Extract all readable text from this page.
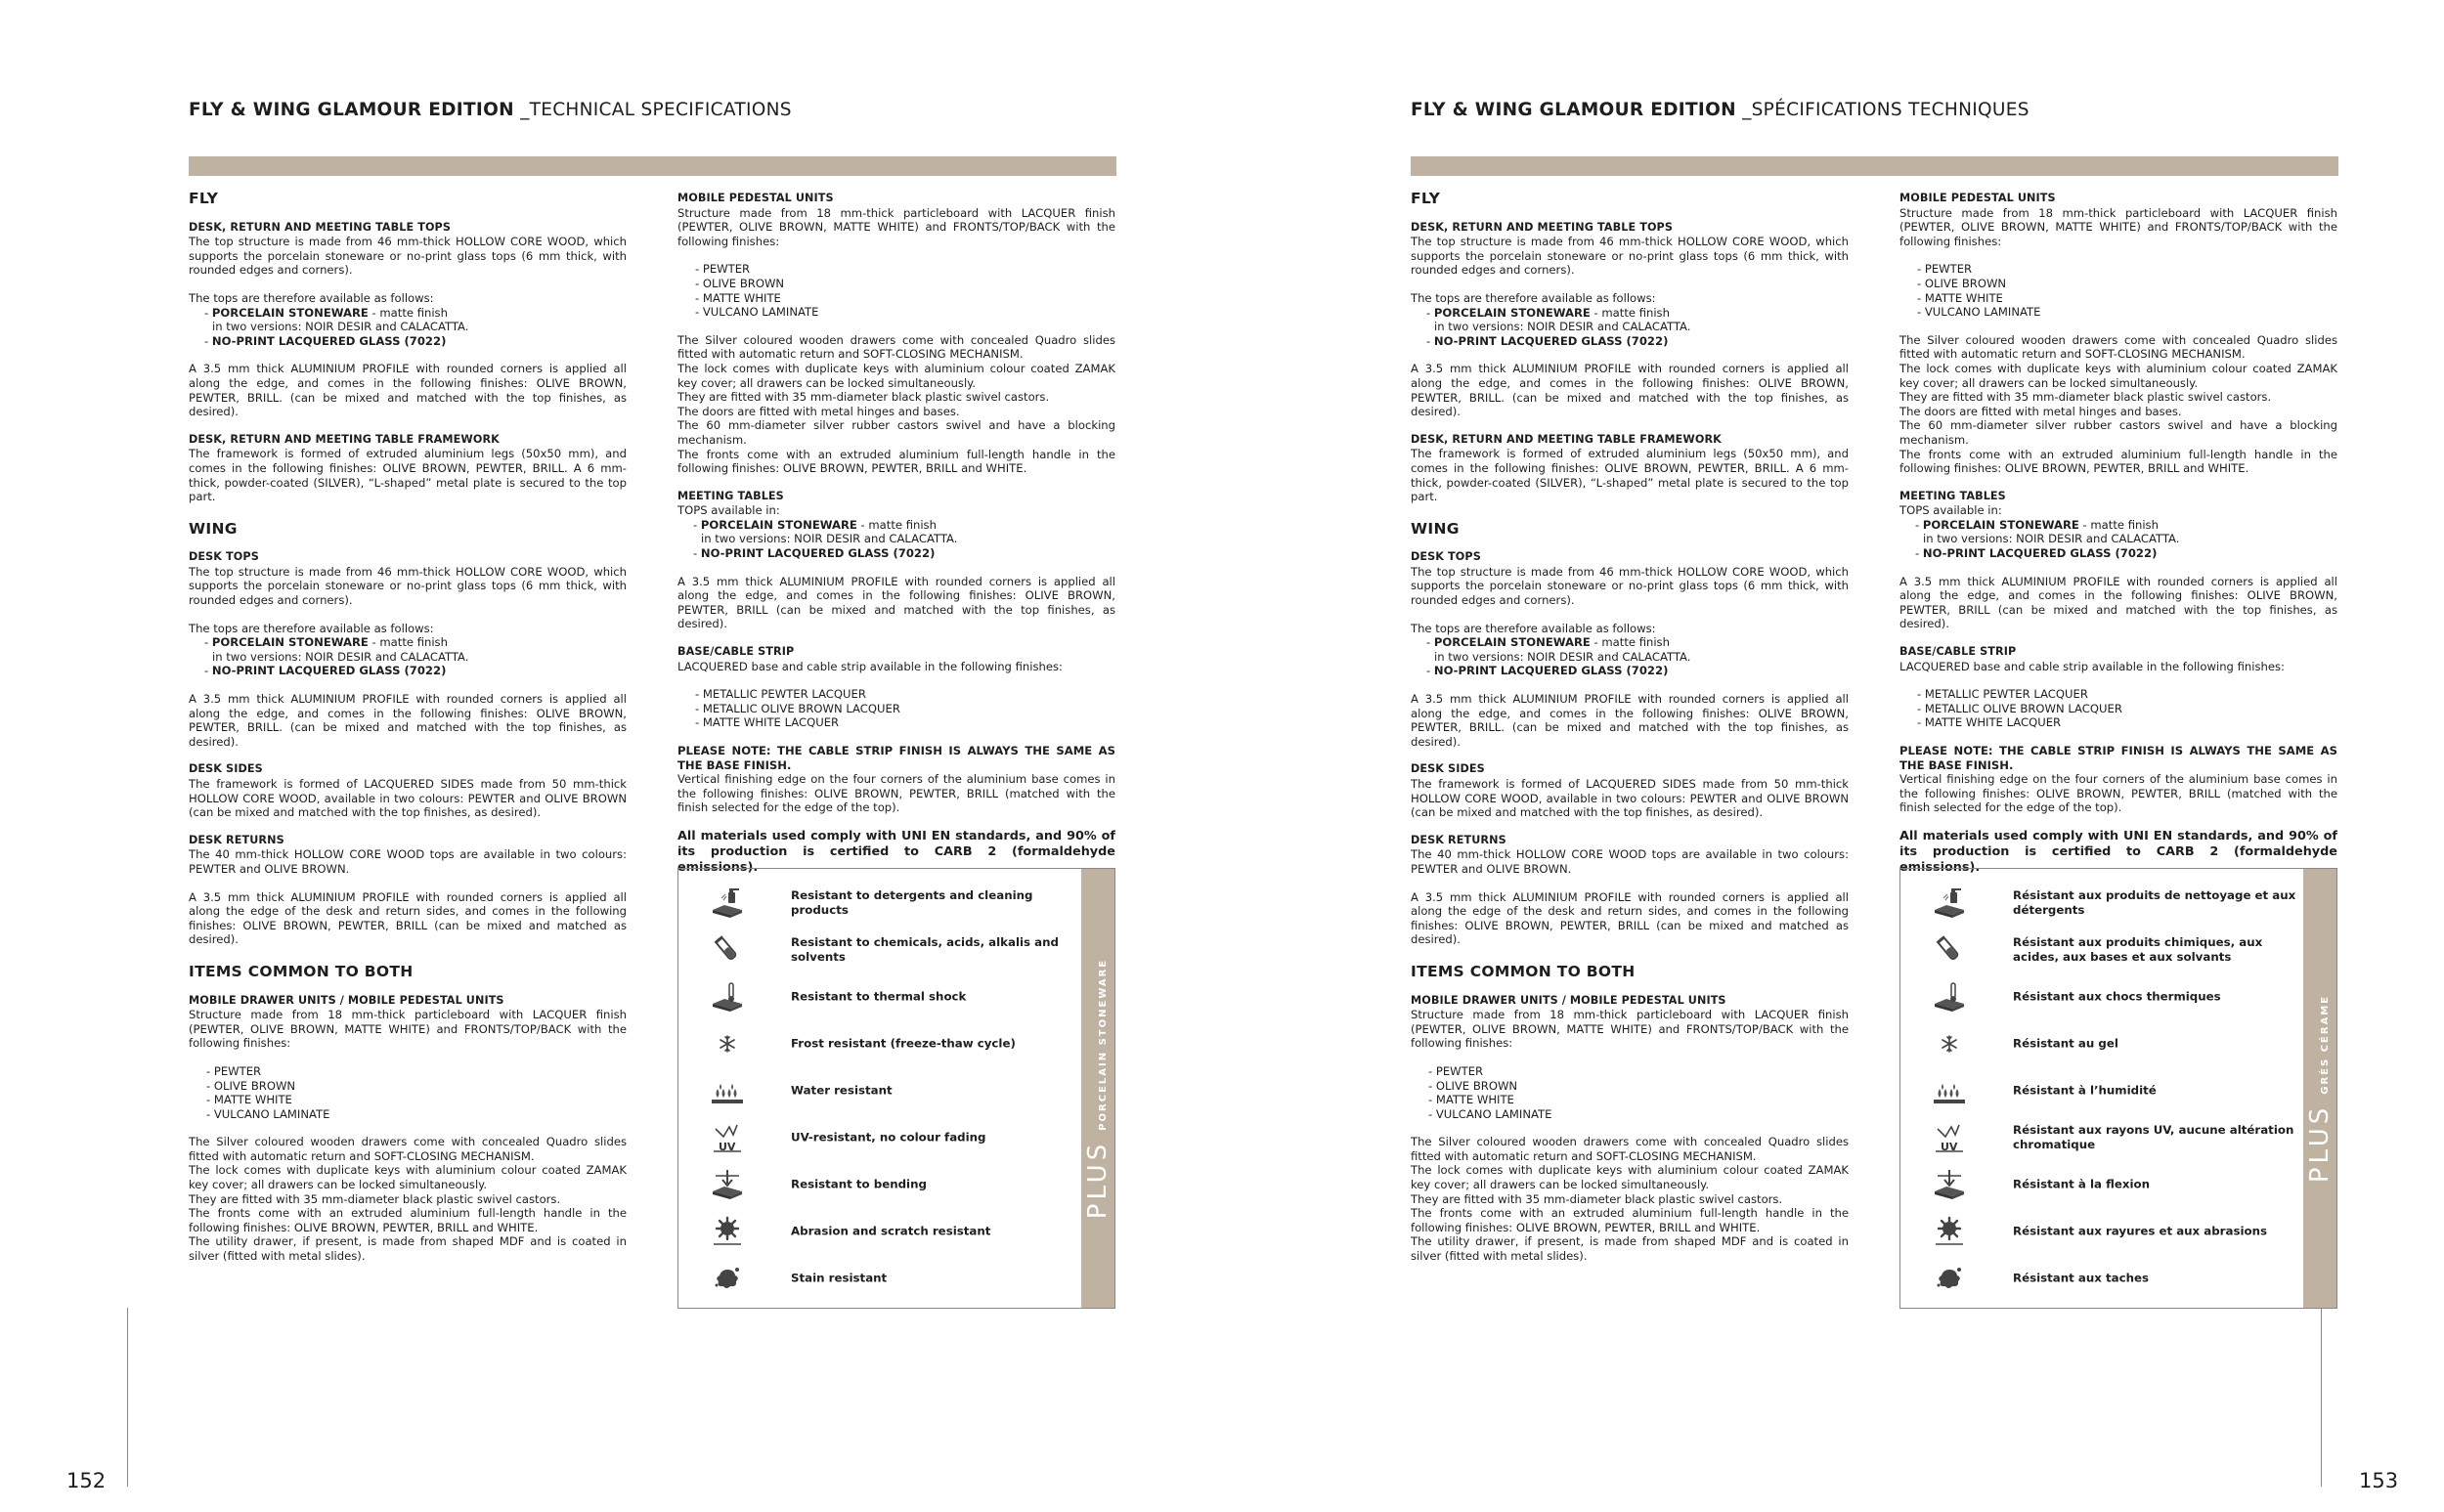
FLY & WING GLAMOUR EDITION _TECHNICAL SPECIFICATIONS
FLY
DESK, RETURN AND MEETING TABLE TOPS

The top structure is made from 46 mm-thick HOLLOW CORE WOOD, which supports the porcelain stoneware or no-print glass tops (6 mm thick, with rounded edges and corners).

The tops are therefore available as follows:
- PORCELAIN STONEWARE - matte finish
in two versions: NOIR DESIR and CALACATTA.
- NO-PRINT LACQUERED GLASS (7022)

A 3.5 mm thick ALUMINIUM PROFILE with rounded corners is applied all along the edge, and comes in the following finishes: OLIVE BROWN, PEWTER, BRILL. (can be mixed and matched with the top finishes, as desired).

DESK, RETURN AND MEETING TABLE FRAMEWORK

The framework is formed of extruded aluminium legs (50x50 mm), and comes in the following finishes: OLIVE BROWN, PEWTER, BRILL. A 6 mm-thick, powder-coated (SILVER), “L-shaped” metal plate is secured to the top part.

WING
DESK TOPS

The top structure is made from 46 mm-thick HOLLOW CORE WOOD, which supports the porcelain stoneware or no-print glass tops (6 mm thick, with rounded edges and corners).

The tops are therefore available as follows:
- PORCELAIN STONEWARE - matte finish
in two versions: NOIR DESIR and CALACATTA.
- NO-PRINT LACQUERED GLASS (7022)

A 3.5 mm thick ALUMINIUM PROFILE with rounded corners is applied all along the edge, and comes in the following finishes: OLIVE BROWN, PEWTER, BRILL. (can be mixed and matched with the top finishes, as desired).

DESK SIDES

The framework is formed of LACQUERED SIDES made from 50 mm-thick HOLLOW CORE WOOD, available in two colours: PEWTER and OLIVE BROWN (can be mixed and matched with the top finishes, as desired).

DESK RETURNS

The 40 mm-thick HOLLOW CORE WOOD tops are available in two colours: PEWTER and OLIVE BROWN.

A 3.5 mm thick ALUMINIUM PROFILE with rounded corners is applied all along the edge of the desk and return sides, and comes in the following finishes: OLIVE BROWN, PEWTER, BRILL (can be mixed and matched as desired).

ITEMS COMMON TO BOTH
MOBILE DRAWER UNITS / MOBILE PEDESTAL UNITS
Structure made from 18 mm-thick particleboard with LACQUER finish (PEWTER, OLIVE BROWN, MATTE WHITE) and FRONTS/TOP/BACK with the following finishes:
- PEWTER
- OLIVE BROWN
- MATTE WHITE
- VULCANO LAMINATE
The Silver coloured wooden drawers come with concealed Quadro slides fitted with automatic return and SOFT-CLOSING MECHANISM.
The lock comes with duplicate keys with aluminium colour coated ZAMAK key cover; all drawers can be locked simultaneously.
They are fitted with 35 mm-diameter black plastic swivel castors.
The fronts come with an extruded aluminium full-length handle in the following finishes: OLIVE BROWN, PEWTER, BRILL and WHITE.
The utility drawer, if present, is made from shaped MDF and is coated in silver (fitted with metal slides).
MOBILE PEDESTAL UNITS
Structure made from 18 mm-thick particleboard with LACQUER finish (PEWTER, OLIVE BROWN, MATTE WHITE) and FRONTS/TOP/BACK with the following finishes:
- PEWTER
- OLIVE BROWN
- MATTE WHITE
- VULCANO LAMINATE
The Silver coloured wooden drawers come with concealed Quadro slides fitted with automatic return and SOFT-CLOSING MECHANISM.
The lock comes with duplicate keys with aluminium colour coated ZAMAK key cover; all drawers can be locked simultaneously.
They are fitted with 35 mm-diameter black plastic swivel castors.
The doors are fitted with metal hinges and bases.
The 60 mm-diameter silver rubber castors swivel and have a blocking mechanism.

The fronts come with an extruded aluminium full-length handle in the following finishes: OLIVE BROWN, PEWTER, BRILL and WHITE.

MEETING TABLES
TOPS available in:
- PORCELAIN STONEWARE - matte finish
in two versions: NOIR DESIR and CALACATTA.
- NO-PRINT LACQUERED GLASS (7022)

A 3.5 mm thick ALUMINIUM PROFILE with rounded corners is applied all along the edge, and comes in the following finishes: OLIVE BROWN, PEWTER, BRILL (can be mixed and matched with the top finishes, as desired).

BASE/CABLE STRIP
LACQUERED base and cable strip available in the following finishes:
- METALLIC PEWTER LACQUER
- METALLIC OLIVE BROWN LACQUER
- MATTE WHITE LACQUER
PLEASE NOTE: THE CABLE STRIP FINISH IS ALWAYS THE SAME AS THE BASE FINISH.

Vertical finishing edge on the four corners of the aluminium base comes in the following finishes: OLIVE BROWN, PEWTER, BRILL (matched with the finish selected for the edge of the top).

All materials used comply with UNI EN standards, and 90% of its production is certified to CARB 2 (formaldehyde emissions).
Resistant to detergents and cleaning products
Resistant to chemicals, acids, alkalis and solvents
Resistant to thermal shock
Frost resistant (freeze-thaw cycle)
Water resistant
UV
UV-resistant, no colour fading
Resistant to bending
Abrasion and scratch resistant
Stain resistant
PLUSPORCELAIN STONEWARE
152
FLY & WING GLAMOUR EDITION _SPÉCIFICATIONS TECHNIQUES
FLY
DESK, RETURN AND MEETING TABLE TOPS

The top structure is made from 46 mm-thick HOLLOW CORE WOOD, which supports the porcelain stoneware or no-print glass tops (6 mm thick, with rounded edges and corners).

The tops are therefore available as follows:
- PORCELAIN STONEWARE - matte finish
in two versions: NOIR DESIR and CALACATTA.
- NO-PRINT LACQUERED GLASS (7022)

A 3.5 mm thick ALUMINIUM PROFILE with rounded corners is applied all along the edge, and comes in the following finishes: OLIVE BROWN, PEWTER, BRILL. (can be mixed and matched with the top finishes, as desired).

DESK, RETURN AND MEETING TABLE FRAMEWORK

The framework is formed of extruded aluminium legs (50x50 mm), and comes in the following finishes: OLIVE BROWN, PEWTER, BRILL. A 6 mm-thick, powder-coated (SILVER), “L-shaped” metal plate is secured to the top part.

WING
DESK TOPS

The top structure is made from 46 mm-thick HOLLOW CORE WOOD, which supports the porcelain stoneware or no-print glass tops (6 mm thick, with rounded edges and corners).

The tops are therefore available as follows:
- PORCELAIN STONEWARE - matte finish
in two versions: NOIR DESIR and CALACATTA.
- NO-PRINT LACQUERED GLASS (7022)

A 3.5 mm thick ALUMINIUM PROFILE with rounded corners is applied all along the edge, and comes in the following finishes: OLIVE BROWN, PEWTER, BRILL. (can be mixed and matched with the top finishes, as desired).

DESK SIDES

The framework is formed of LACQUERED SIDES made from 50 mm-thick HOLLOW CORE WOOD, available in two colours: PEWTER and OLIVE BROWN (can be mixed and matched with the top finishes, as desired).

DESK RETURNS

The 40 mm-thick HOLLOW CORE WOOD tops are available in two colours: PEWTER and OLIVE BROWN.

A 3.5 mm thick ALUMINIUM PROFILE with rounded corners is applied all along the edge of the desk and return sides, and comes in the following finishes: OLIVE BROWN, PEWTER, BRILL (can be mixed and matched as desired).

ITEMS COMMON TO BOTH
MOBILE DRAWER UNITS / MOBILE PEDESTAL UNITS
Structure made from 18 mm-thick particleboard with LACQUER finish (PEWTER, OLIVE BROWN, MATTE WHITE) and FRONTS/TOP/BACK with the following finishes:
- PEWTER
- OLIVE BROWN
- MATTE WHITE
- VULCANO LAMINATE
The Silver coloured wooden drawers come with concealed Quadro slides fitted with automatic return and SOFT-CLOSING MECHANISM.
The lock comes with duplicate keys with aluminium colour coated ZAMAK key cover; all drawers can be locked simultaneously.
They are fitted with 35 mm-diameter black plastic swivel castors.
The fronts come with an extruded aluminium full-length handle in the following finishes: OLIVE BROWN, PEWTER, BRILL and WHITE.
The utility drawer, if present, is made from shaped MDF and is coated in silver (fitted with metal slides).
MOBILE PEDESTAL UNITS
Structure made from 18 mm-thick particleboard with LACQUER finish (PEWTER, OLIVE BROWN, MATTE WHITE) and FRONTS/TOP/BACK with the following finishes:
- PEWTER
- OLIVE BROWN
- MATTE WHITE
- VULCANO LAMINATE
The Silver coloured wooden drawers come with concealed Quadro slides fitted with automatic return and SOFT-CLOSING MECHANISM.
The lock comes with duplicate keys with aluminium colour coated ZAMAK key cover; all drawers can be locked simultaneously.
They are fitted with 35 mm-diameter black plastic swivel castors.
The doors are fitted with metal hinges and bases.
The 60 mm-diameter silver rubber castors swivel and have a blocking mechanism.

The fronts come with an extruded aluminium full-length handle in the following finishes: OLIVE BROWN, PEWTER, BRILL and WHITE.

MEETING TABLES
TOPS available in:
- PORCELAIN STONEWARE - matte finish
in two versions: NOIR DESIR and CALACATTA.
- NO-PRINT LACQUERED GLASS (7022)

A 3.5 mm thick ALUMINIUM PROFILE with rounded corners is applied all along the edge, and comes in the following finishes: OLIVE BROWN, PEWTER, BRILL (can be mixed and matched with the top finishes, as desired).

BASE/CABLE STRIP
LACQUERED base and cable strip available in the following finishes:
- METALLIC PEWTER LACQUER
- METALLIC OLIVE BROWN LACQUER
- MATTE WHITE LACQUER
PLEASE NOTE: THE CABLE STRIP FINISH IS ALWAYS THE SAME AS THE BASE FINISH.

Vertical finishing edge on the four corners of the aluminium base comes in the following finishes: OLIVE BROWN, PEWTER, BRILL (matched with the finish selected for the edge of the top).

All materials used comply with UNI EN standards, and 90% of its production is certified to CARB 2 (formaldehyde emissions).
Résistant aux produits de nettoyage et aux détergents
Résistant aux produits chimiques, aux acides, aux bases et aux solvants
Résistant aux chocs thermiques
Résistant au gel
Résistant à l’humidité
UV
Résistant aux rayons UV, aucune altération chromatique
Résistant à la flexion
Résistant aux rayures et aux abrasions
Résistant aux taches
PLUSGRÈS CÉRAME
153
